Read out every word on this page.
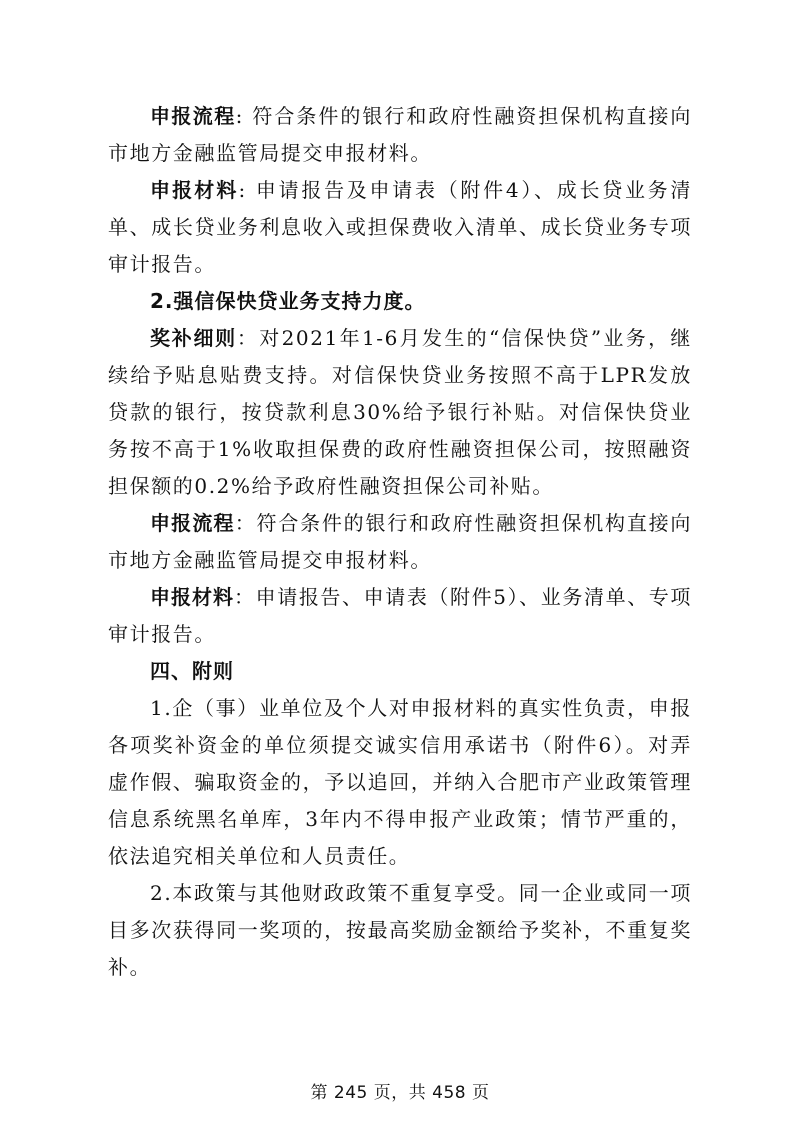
申报流程: 符合条件的银行和政府性融资担保机构直接向市地方金融监管局提交申报材料。

申报材料: 申请报告及申请表（附件4）、成长贷业务清单、成长贷业务利息收入或担保费收入清单、成长贷业务专项审计报告。

2.强信保快贷业务支持力度。

奖补细则：对2021年1-6月发生的“信保快贷”业务，继续给予贴息贴费支持。对信保快贷业务按照不高于LPR发放贷款的银行，按贷款利息30%给予银行补贴。对信保快贷业务按不高于1%收取担保费的政府性融资担保公司，按照融资担保额的0.2%给予政府性融资担保公司补贴。

申报流程：符合条件的银行和政府性融资担保机构直接向市地方金融监管局提交申报材料。

申报材料：申请报告、申请表（附件5）、业务清单、专项审计报告。

四、附则

1.企（事）业单位及个人对申报材料的真实性负责，申报各项奖补资金的单位须提交诚实信用承诺书（附件6）。对弄虚作假、骗取资金的，予以追回，并纳入合肥市产业政策管理信息系统黑名单库，3年内不得申报产业政策；情节严重的，依法追究相关单位和人员责任。

2.本政策与其他财政政策不重复享受。同一企业或同一项目多次获得同一奖项的，按最高奖励金额给予奖补，不重复奖补。

第 245 页，共 458 页
